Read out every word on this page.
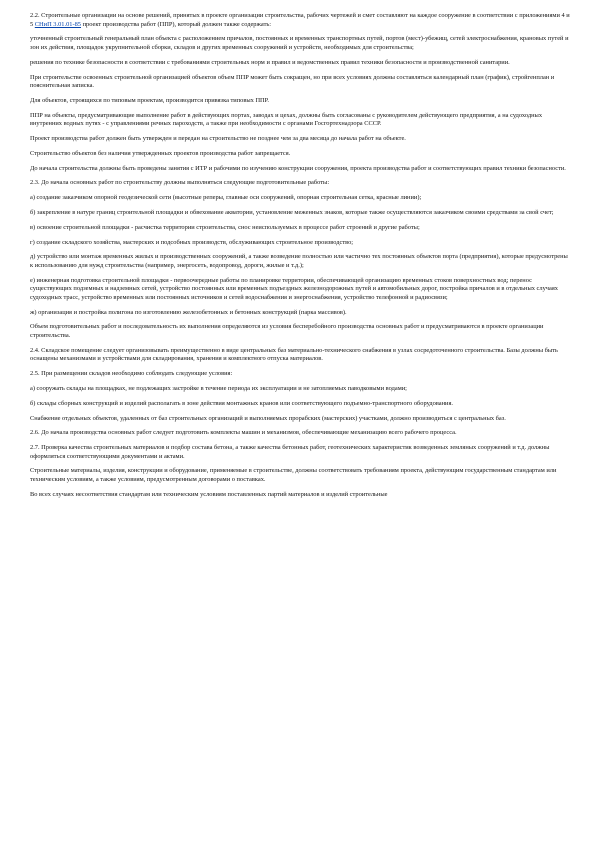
2.2. Строительные организации на основе решений, принятых в проекте организации строительства, рабочих чертежей и смет составляют на каждое сооружение в соответствии с приложениями 4 и 5 СНиП 3.01.01-85 проект производства работ (ППР), который должен также содержать:

уточненный строительный генеральный план объекта с расположением причалов, постоянных и временных транспортных путей, портов (мест)-убежищ, сетей электроснабжения, крановых путей и зон их действия, площадок укрупнительной сборки, складов и других временных сооружений и устройств, необходимых для строительства;

решения по технике безопасности в соответствии с требованиями строительных норм и правил и ведомственных правил техники безопасности и производственной санитарии.

При строительстве освоенных строительной организацией объектов объем ППР может быть сокращен, но при всех условиях должны составляться календарный план (график), стройгенплан и пояснительная записка.

Для объектов, строящихся по типовым проектам, производится привязка типовых ППР.

ППР на объекты, предусматривающие выполнение работ в действующих портах, заводах и цехах, должны быть согласованы с руководителем действующего предприятия, а на судоходных внутренних водных путях - с управлениями речных пароходств, а также при необходимости с органами Госгортехнадзора СССР.

Проект производства работ должен быть утвержден и передан на строительство не позднее чем за два месяца до начала работ на объекте.

Строительство объектов без наличия утвержденных проектов производства работ запрещается.

До начала строительства должны быть проведены занятия с ИТР и рабочими по изучению конструкции сооружения, проекта производства работ и соответствующих правил техники безопасности.

2.3. До начала основных работ по строительству должны выполняться следующие подготовительные работы:

а) создание заказчиком опорной геодезической сети (высотные реперы, главные оси сооружений, опорная строительная сетка, красные линии);

б) закрепление в натуре границ строительной площадки и обвехование акватории, установление меженных знаков, которые также осуществляются заказчиком своими средствами за свой счет;

в) освоение строительной площадки - расчистка территории строительства, снос неиспользуемых в процессе работ строений и другие работы;

г) создание складского хозяйства, мастерских и подсобных производств, обслуживающих строительное производство;

д) устройство или монтаж временных жилых и производственных сооружений, а также возведение полностью или частично тех постоянных объектов порта (предприятия), которые предусмотрены к использованию для нужд строительства (например, энергосеть, водопровод, дороги, жилые и т.д.);

е) инженерная подготовка строительной площадки - первоочередные работы по планировке территории, обеспечивающей организацию временных стоков поверхностных вод; перенос существующих подземных и надземных сетей, устройство постоянных или временных подъездных железнодорожных путей и автомобильных дорог, постройка причалов и в отдельных случаях судоходных трасс, устройство временных или постоянных источников и сетей водоснабжения и энергоснабжения, устройство телефонной и радиосвязи;

ж) организация и постройка полигона по изготовлению железобетонных и бетонных конструкций (парка массивов).

Объем подготовительных работ и последовательность их выполнения определяются из условия бесперебойного производства основных работ и предусматриваются в проекте организации строительства.

2.4. Складское помещение следует организовывать преимущественно в виде центральных баз материально-технического снабжения в узлах сосредоточенного строительства. Базы должны быть оснащены механизмами и устройствами для складирования, хранения и комплектного отпуска материалов.

2.5. При размещении складов необходимо соблюдать следующие условия:

а) сооружать склады на площадках, не подлежащих застройке в течение периода их эксплуатации и не затопляемых паводковыми водами;

б) склады сборных конструкций и изделий располагать в зоне действия монтажных кранов или соответствующего подъемно-транспортного оборудования.

Снабжение отдельных объектов, удаленных от баз строительных организаций и выполняемых прорабских (мастерских) участками, должно производиться с центральных баз.

2.6. До начала производства основных работ следует подготовить комплекты машин и механизмов, обеспечивающие механизацию всего рабочего процесса.

2.7. Проверка качества строительных материалов и подбор состава бетона, а также качества бетонных работ, геотехнических характеристик возведенных земляных сооружений и т.д. должны оформляться соответствующими документами и актами.

Строительные материалы, изделия, конструкции и оборудование, применяемые в строительстве, должны соответствовать требованиям проекта, действующим государственным стандартам или техническим условиям, а также условиям, предусмотренным договорами о поставках.

Во всех случаях несоответствия стандартам или техническим условиям поставленных партий материалов и изделий строительные
